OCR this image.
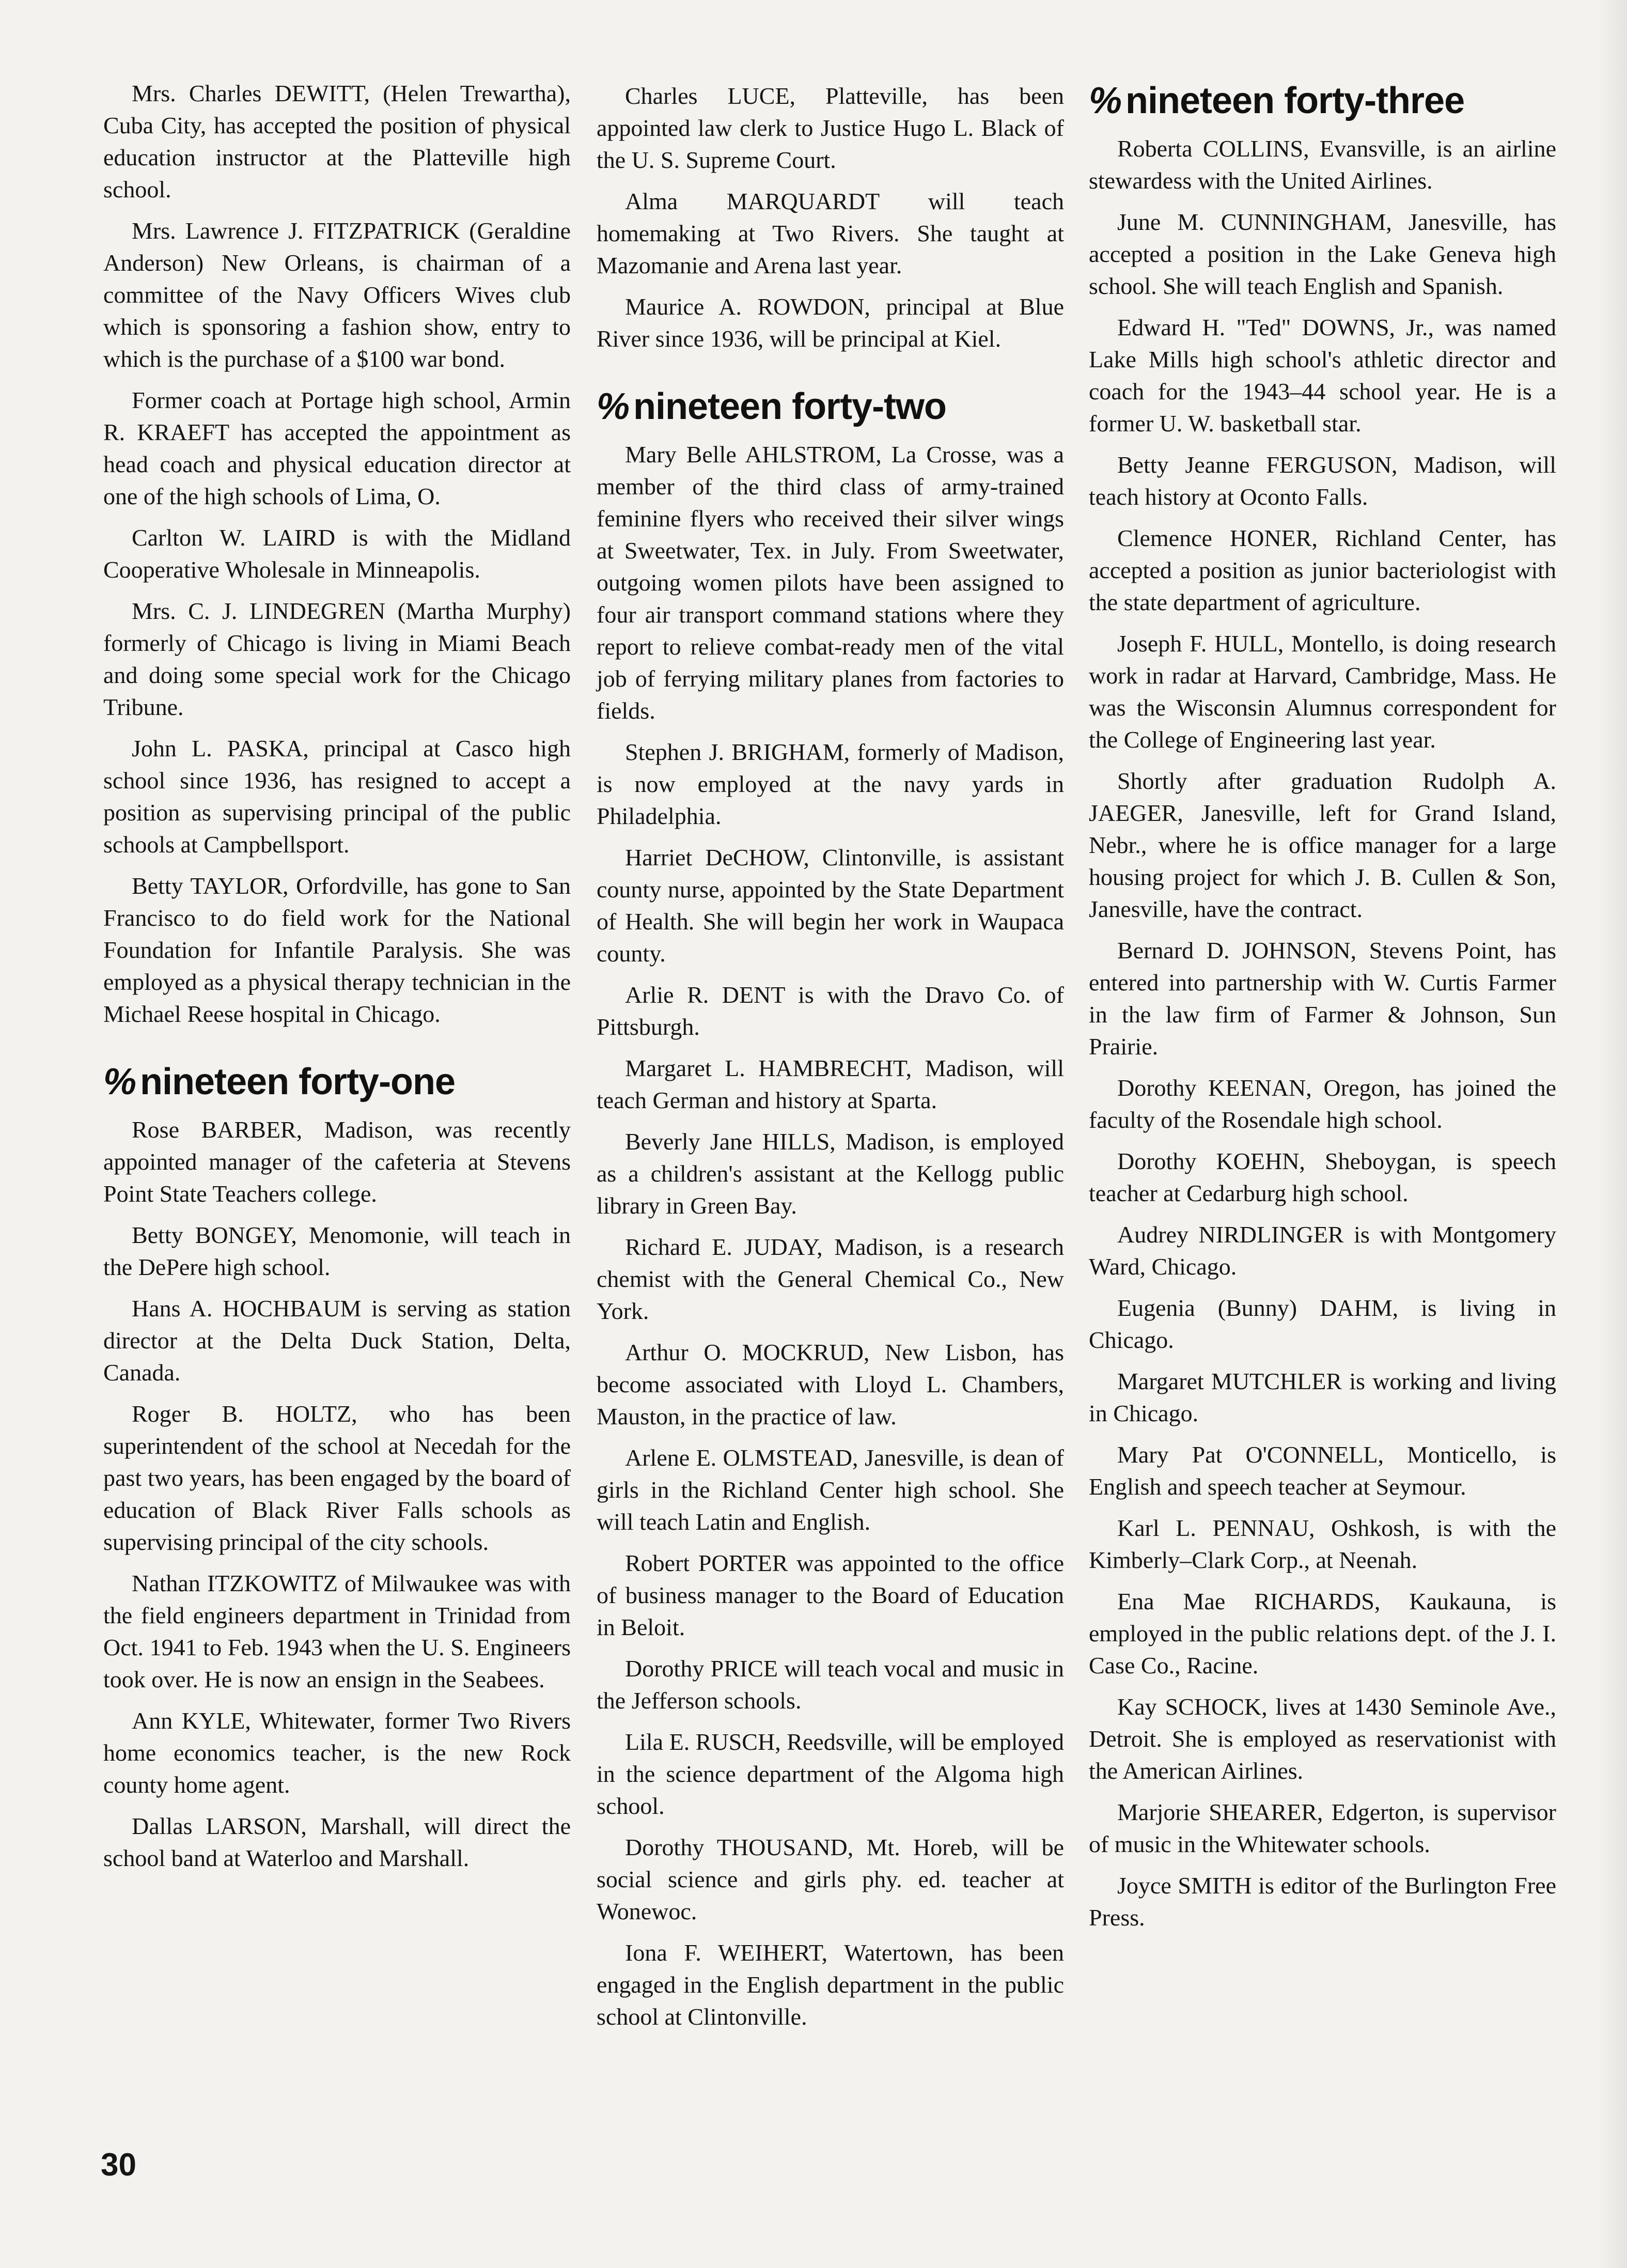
Mrs. Charles DEWITT, (Helen Trewartha), Cuba City, has accepted the position of physical education instructor at the Platteville high school.

Mrs. Lawrence J. FITZPATRICK (Geraldine Anderson) New Orleans, is chairman of a committee of the Navy Officers Wives club which is sponsoring a fashion show, entry to which is the purchase of a $100 war bond.

Former coach at Portage high school, Armin R. KRAEFT has accepted the appointment as head coach and physical education director at one of the high schools of Lima, O.

Carlton W. LAIRD is with the Midland Cooperative Wholesale in Minneapolis.

Mrs. C. J. LINDEGREN (Martha Murphy) formerly of Chicago is living in Miami Beach and doing some special work for the Chicago Tribune.

John L. PASKA, principal at Casco high school since 1936, has resigned to accept a position as supervising principal of the public schools at Campbellsport.

Betty TAYLOR, Orfordville, has gone to San Francisco to do field work for the National Foundation for Infantile Paralysis. She was employed as a physical therapy technician in the Michael Reese hospital in Chicago.

% nineteen forty-one

Rose BARBER, Madison, was recently appointed manager of the cafeteria at Stevens Point State Teachers college.

Betty BONGEY, Menomonie, will teach in the DePere high school.

Hans A. HOCHBAUM is serving as station director at the Delta Duck Station, Delta, Canada.

Roger B. HOLTZ, who has been superintendent of the school at Necedah for the past two years, has been engaged by the board of education of Black River Falls schools as supervising principal of the city schools.

Nathan ITZKOWITZ of Milwaukee was with the field engineers department in Trinidad from Oct. 1941 to Feb. 1943 when the U. S. Engineers took over. He is now an ensign in the Seabees.

Ann KYLE, Whitewater, former Two Rivers home economics teacher, is the new Rock county home agent.

Dallas LARSON, Marshall, will direct the school band at Waterloo and Marshall.

Charles LUCE, Platteville, has been appointed law clerk to Justice Hugo L. Black of the U. S. Supreme Court.

Alma MARQUARDT will teach homemaking at Two Rivers. She taught at Mazomanie and Arena last year.

Maurice A. ROWDON, principal at Blue River since 1936, will be principal at Kiel.

% nineteen forty-two

Mary Belle AHLSTROM, La Crosse, was a member of the third class of army-trained feminine flyers who received their silver wings at Sweetwater, Tex. in July. From Sweetwater, outgoing women pilots have been assigned to four air transport command stations where they report to relieve combat-ready men of the vital job of ferrying military planes from factories to fields.

Stephen J. BRIGHAM, formerly of Madison, is now employed at the navy yards in Philadelphia.

Harriet DeCHOW, Clintonville, is assistant county nurse, appointed by the State Department of Health. She will begin her work in Waupaca county.

Arlie R. DENT is with the Dravo Co. of Pittsburgh.

Margaret L. HAMBRECHT, Madison, will teach German and history at Sparta.

Beverly Jane HILLS, Madison, is employed as a children's assistant at the Kellogg public library in Green Bay.

Richard E. JUDAY, Madison, is a research chemist with the General Chemical Co., New York.

Arthur O. MOCKRUD, New Lisbon, has become associated with Lloyd L. Chambers, Mauston, in the practice of law.

Arlene E. OLMSTEAD, Janesville, is dean of girls in the Richland Center high school. She will teach Latin and English.

Robert PORTER was appointed to the office of business manager to the Board of Education in Beloit.

Dorothy PRICE will teach vocal and music in the Jefferson schools.

Lila E. RUSCH, Reedsville, will be employed in the science department of the Algoma high school.

Dorothy THOUSAND, Mt. Horeb, will be social science and girls phy. ed. teacher at Wonewoc.

Iona F. WEIHERT, Watertown, has been engaged in the English department in the public school at Clintonville.

% nineteen forty-three

Roberta COLLINS, Evansville, is an airline stewardess with the United Airlines.

June M. CUNNINGHAM, Janesville, has accepted a position in the Lake Geneva high school. She will teach English and Spanish.

Edward H. "Ted" DOWNS, Jr., was named Lake Mills high school's athletic director and coach for the 1943–44 school year. He is a former U. W. basketball star.

Betty Jeanne FERGUSON, Madison, will teach history at Oconto Falls.

Clemence HONER, Richland Center, has accepted a position as junior bacteriologist with the state department of agriculture.

Joseph F. HULL, Montello, is doing research work in radar at Harvard, Cambridge, Mass. He was the Wisconsin Alumnus correspondent for the College of Engineering last year.

Shortly after graduation Rudolph A. JAEGER, Janesville, left for Grand Island, Nebr., where he is office manager for a large housing project for which J. B. Cullen & Son, Janesville, have the contract.

Bernard D. JOHNSON, Stevens Point, has entered into partnership with W. Curtis Farmer in the law firm of Farmer & Johnson, Sun Prairie.

Dorothy KEENAN, Oregon, has joined the faculty of the Rosendale high school.

Dorothy KOEHN, Sheboygan, is speech teacher at Cedarburg high school.

Audrey NIRDLINGER is with Montgomery Ward, Chicago.

Eugenia (Bunny) DAHM, is living in Chicago.

Margaret MUTCHLER is working and living in Chicago.

Mary Pat O'CONNELL, Monticello, is English and speech teacher at Seymour.

Karl L. PENNAU, Oshkosh, is with the Kimberly–Clark Corp., at Neenah.

Ena Mae RICHARDS, Kaukauna, is employed in the public relations dept. of the J. I. Case Co., Racine.

Kay SCHOCK, lives at 1430 Seminole Ave., Detroit. She is employed as reservationist with the American Airlines.

Marjorie SHEARER, Edgerton, is supervisor of music in the Whitewater schools.

Joyce SMITH is editor of the Burlington Free Press.

30
